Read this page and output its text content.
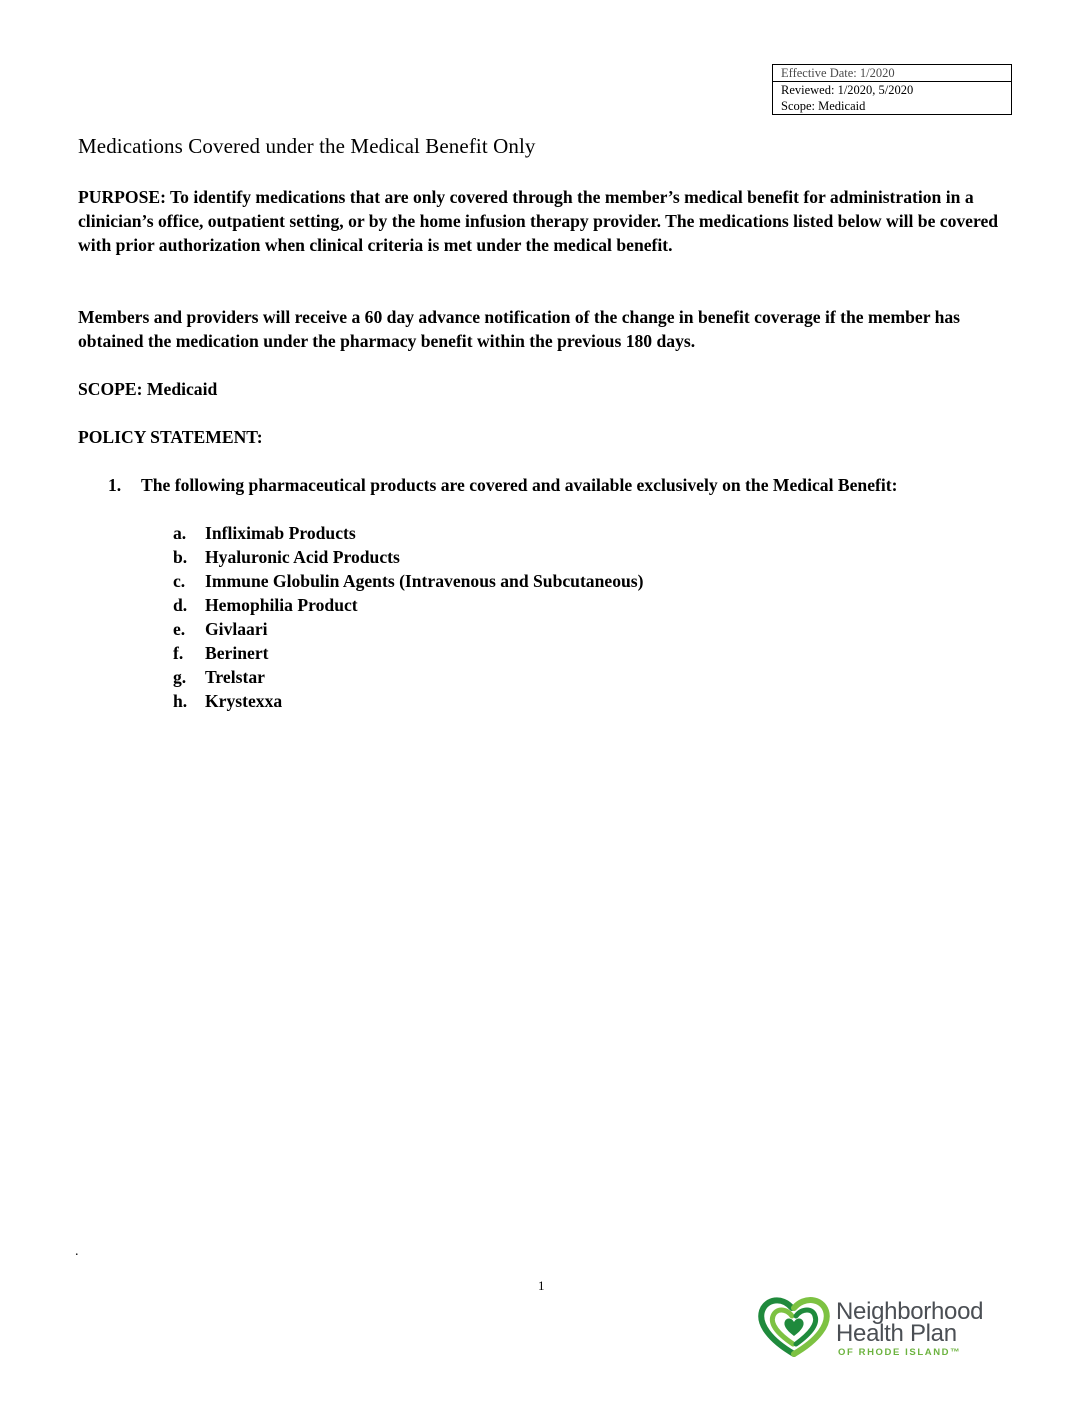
Effective Date: 1/2020
Reviewed: 1/2020, 5/2020
Scope: Medicaid
Medications Covered under the Medical Benefit Only

PURPOSE: To identify medications that are only covered through the member’s medical benefit for administration in a clinician’s office, outpatient setting, or by the home infusion therapy provider. The medications listed below will be covered with prior authorization when clinical criteria is met under the medical benefit.

Members and providers will receive a 60 day advance notification of the change in benefit coverage if the member has obtained the medication under the pharmacy benefit within the previous 180 days.

SCOPE: Medicaid

POLICY STATEMENT:

1. The following pharmaceutical products are covered and available exclusively on the Medical Benefit:
a. Infliximab Products
b. Hyaluronic Acid Products
c. Immune Globulin Agents (Intravenous and Subcutaneous)
d. Hemophilia Product
e. Givlaari
f. Berinert
g. Trelstar
h. Krystexxa
.
1
Neighborhood
Health Plan
OF RHODE ISLAND™
